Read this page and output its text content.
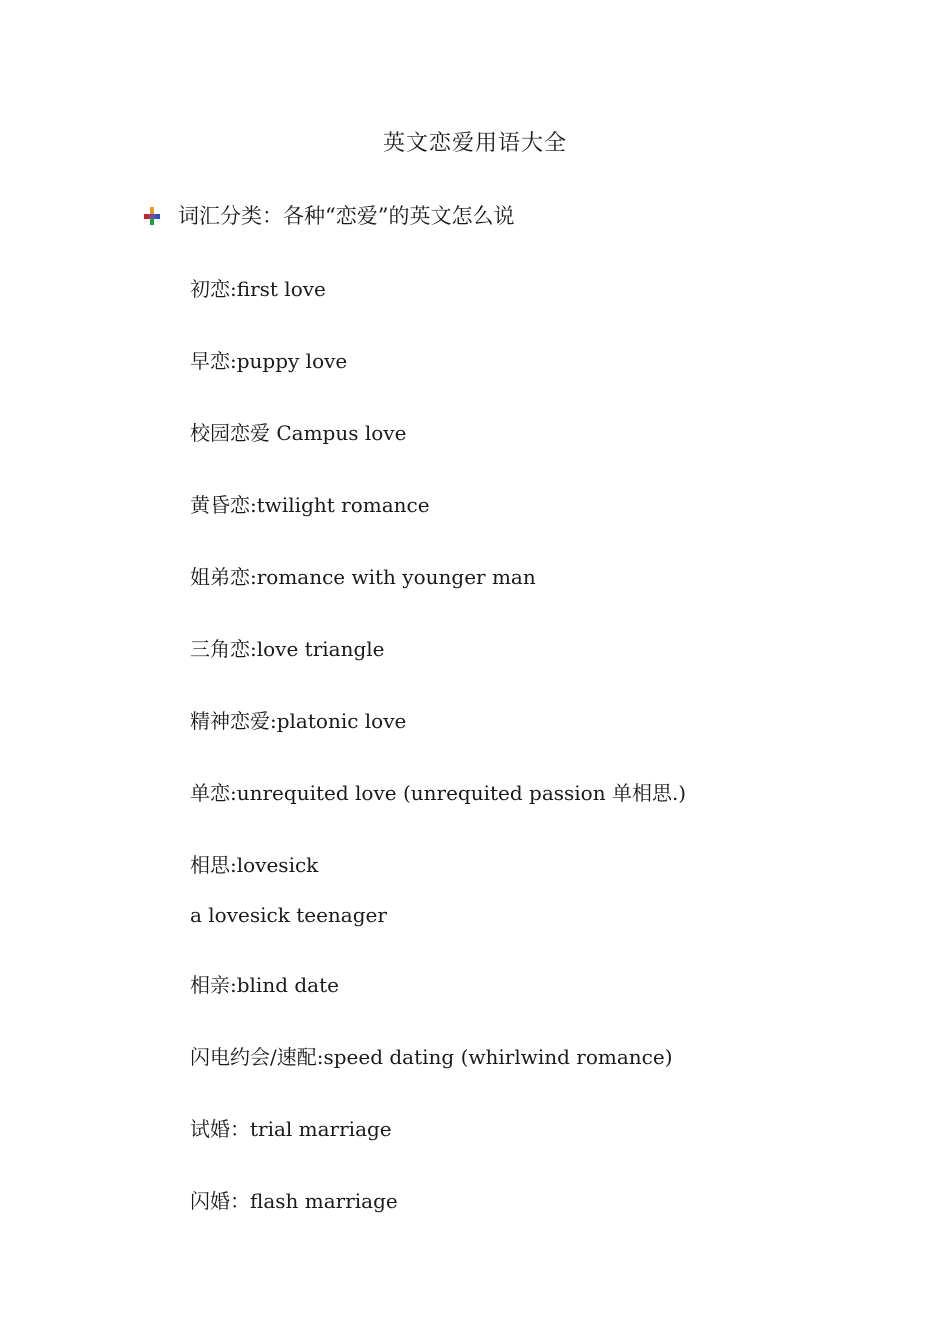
英文恋爱用语大全
词汇分类：各种“恋爱”的英文怎么说
初恋:first love
早恋:puppy love
校园恋爱 Campus love
黄昏恋:twilight romance
姐弟恋:romance with younger man
三角恋:love triangle
精神恋爱:platonic love
单恋:unrequited love (unrequited passion 单相思.)
相思:lovesick
a lovesick teenager
相亲:blind date
闪电约会/速配:speed dating (whirlwind romance)
试婚：trial marriage
闪婚：flash marriage
